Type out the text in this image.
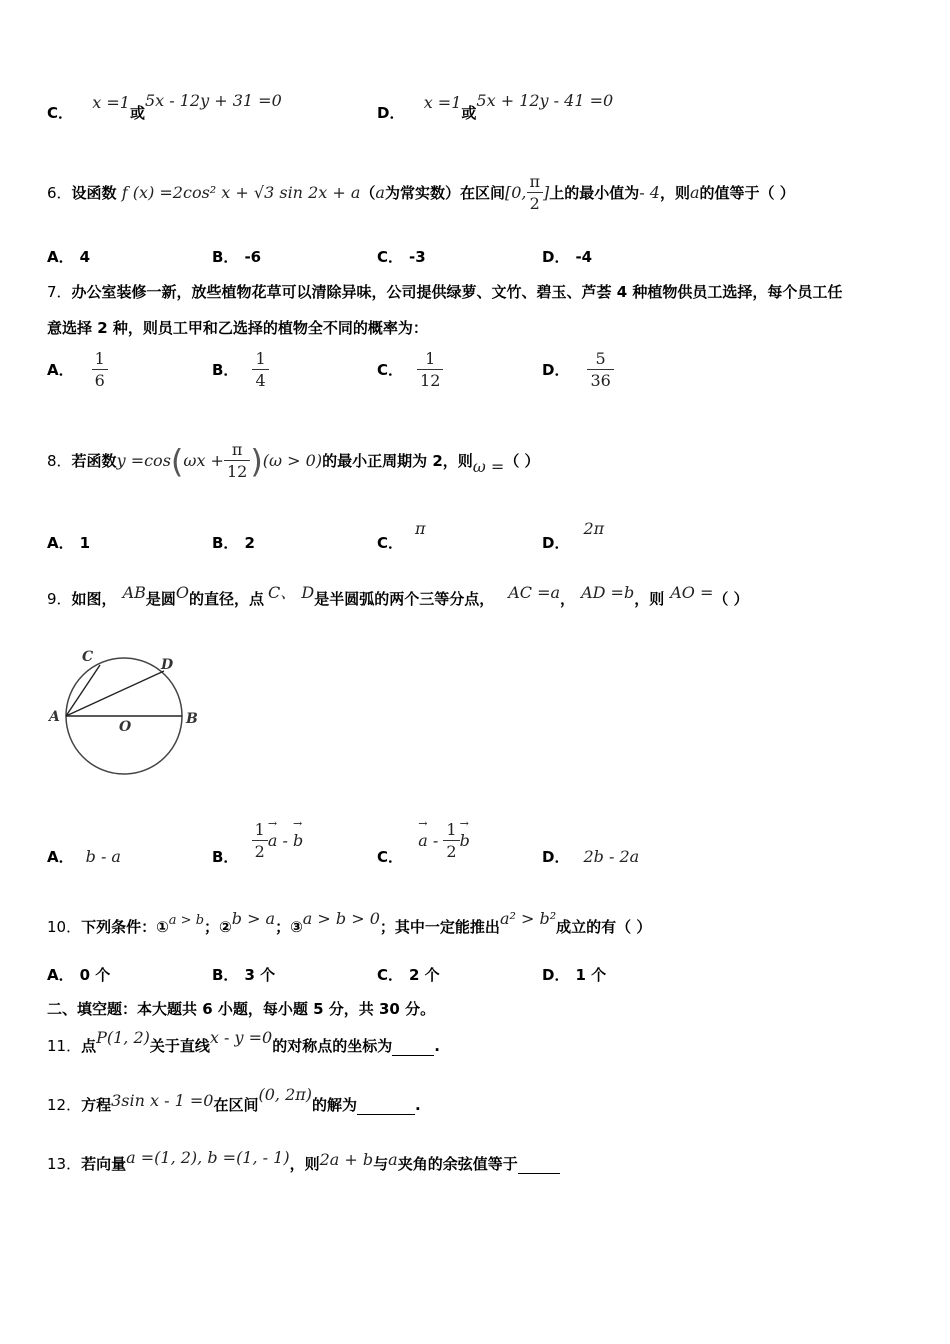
C． x =1或5x - 12y + 31 =0
D． x =1或5x + 12y - 41 =0
6．设函数 f (x) =2cos² x + √3 sin 2x + a（a为常实数）在区间[0, $\frac{\pi}{2}$ ]上的最小值为- 4，则a的值等于（ ）
A． 4	B． -6	C． -3	D． -4
7．办公室装修一新，放些植物花草可以清除异味，公司提供绿萝、文竹、碧玉、芦荟 4 种植物供员工选择，每个员工任
意选择 2 种，则员工甲和乙选择的植物全不同的概率为：
A． $\frac{1}{6}$	B． $\frac{1}{4}$	C． $\frac{1}{12}$	D． $\frac{5}{36}$
8．若函数$y =\cos(\omega x + \frac{\pi}{12} )(\omega > 0)$的最小正周期为 2，则ω =（ ）
A． 1	B． 2	C．π
D．2π
9．如图， AB是圆O的直径，点 C、 D是半圆弧的两个三等分点， AC =a， AD =b，则 AO =（ ）
A	B
C	D
O
A． b - a	B． $\frac{1}{2}$
→ a - → b
C． → a - $\frac{1}{2}$
→ b
D． 2b - 2a
10．下列条件：①a > b；②b > a；③a > b > 0；其中一定能推出a² > b²成立的有（ ）
A． 0 个	B． 3 个	C． 2 个	D． 1 个
二、填空题：本大题共 6 小题，每小题 5 分，共 30 分。
11．点P(1, 2)关于直线x - y =0的对称点的坐标为	.
12．方程3sin x - 1 =0在区间(0, 2π)的解为	.
13．若向量a =(1, 2), b =(1, - 1)，则2a + b与a夹角的余弦值等于
